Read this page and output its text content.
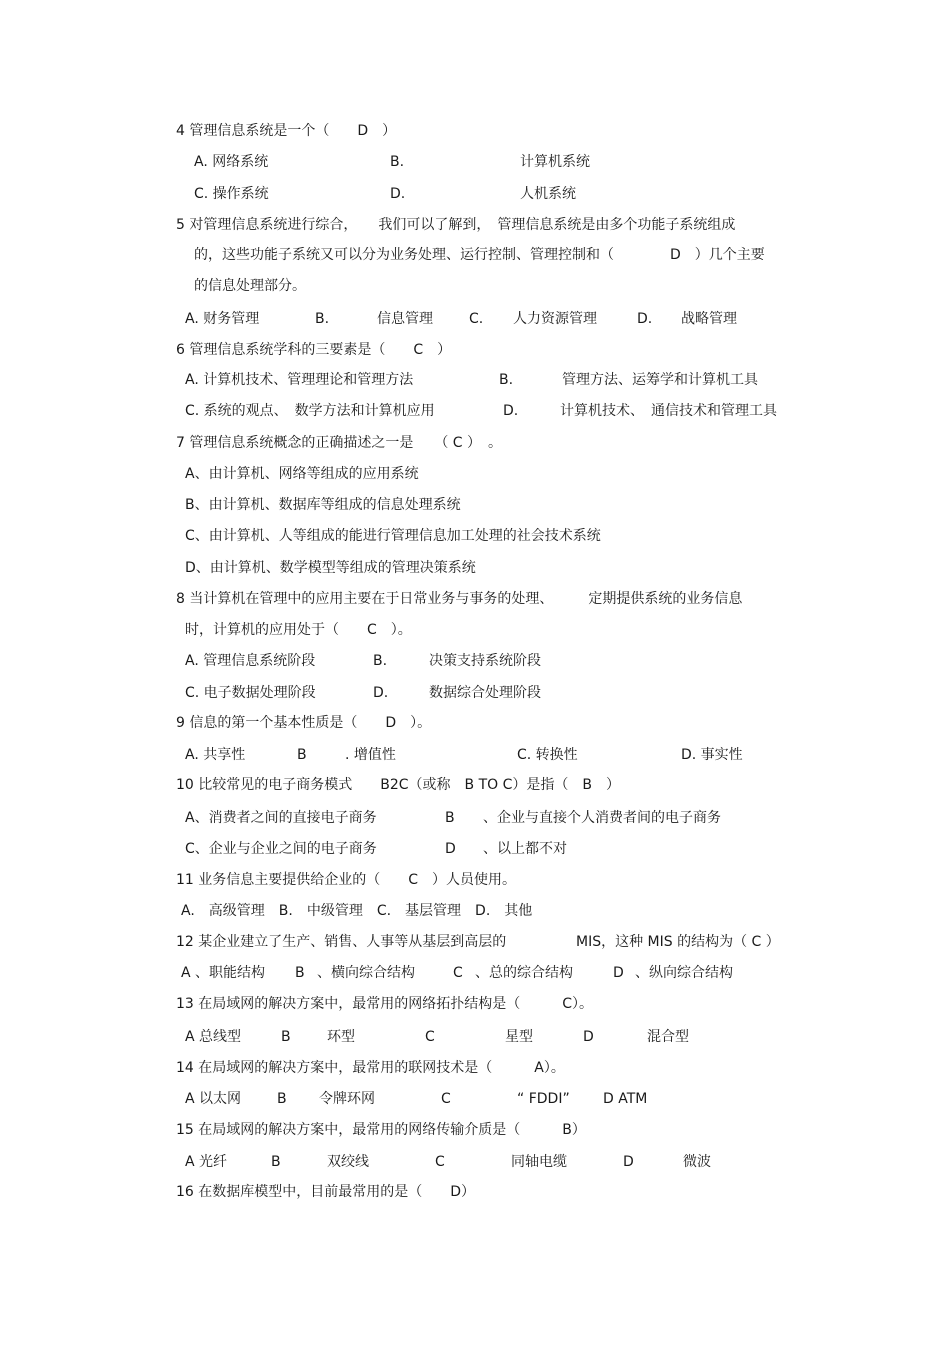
4 管理信息系统是一个（　　D　）
A. 网络系统	B.	计算机系统
C. 操作系统	D.	人机系统
5 对管理信息系统进行综合，　　我们可以了解到，　管理信息系统是由多个功能子系统组成
的，这些功能子系统又可以分为业务处理、运行控制、管理控制和（　　　　D　）几个主要
的信息处理部分。
A. 财务管理	B.	信息管理	C. 人力资源管理	D. 战略管理
6 管理信息系统学科的三要素是（　　C　）
A. 计算机技术、管理理论和管理方法	B.	管理方法、运筹学和计算机工具
C. 系统的观点、　数学方法和计算机应用	D.	计算机技术、　通信技术和管理工具
7 管理信息系统概念的正确描述之一是　　（ C ）　。
A、由计算机、网络等组成的应用系统
B、由计算机、数据库等组成的信息处理系统
C、由计算机、人等组成的能进行管理信息加工处理的社会技术系统
D、由计算机、数学模型等组成的管理决策系统
8 当计算机在管理中的应用主要在于日常业务与事务的处理、　　　定期提供系统的业务信息
时，计算机的应用处于（　　C　）。
A. 管理信息系统阶段	B.	决策支持系统阶段
C. 电子数据处理阶段	D.	数据综合处理阶段
9 信息的第一个基本性质是（　　D　）。
A. 共享性	B	. 增值性	C. 转换性	D. 事实性
10 比较常见的电子商务模式　　B2C（或称　B TO C）是指（　B　）
A、消费者之间的直接电子商务	B 、企业与直接个人消费者间的电子商务
C、企业与企业之间的电子商务	D 、以上都不对
11 业务信息主要提供给企业的（　　C　）人员使用。
A.　高级管理　B.　中级管理　C.　基层管理　D.　其他
12 某企业建立了生产、销售、人事等从基层到高层的	MIS，这种 MIS 的结构为（ C ）
A 、职能结构 B 、横向综合结构	C 、总的综合结构	D 、纵向综合结构
13 在局域网的解决方案中，最常用的网络拓扑结构是（　　　C）。
A 总线型	B	环型	C	星型	D	混合型
14 在局域网的解决方案中，最常用的联网技术是（　　　A）。
A 以太网	B 令牌环网	C	“ FDDI” D ATM
15 在局域网的解决方案中，最常用的网络传输介质是（　　　B）
A 光纤	B	双绞线	C	同轴电缆	D	微波
16 在数据库模型中，目前最常用的是（　　D）
